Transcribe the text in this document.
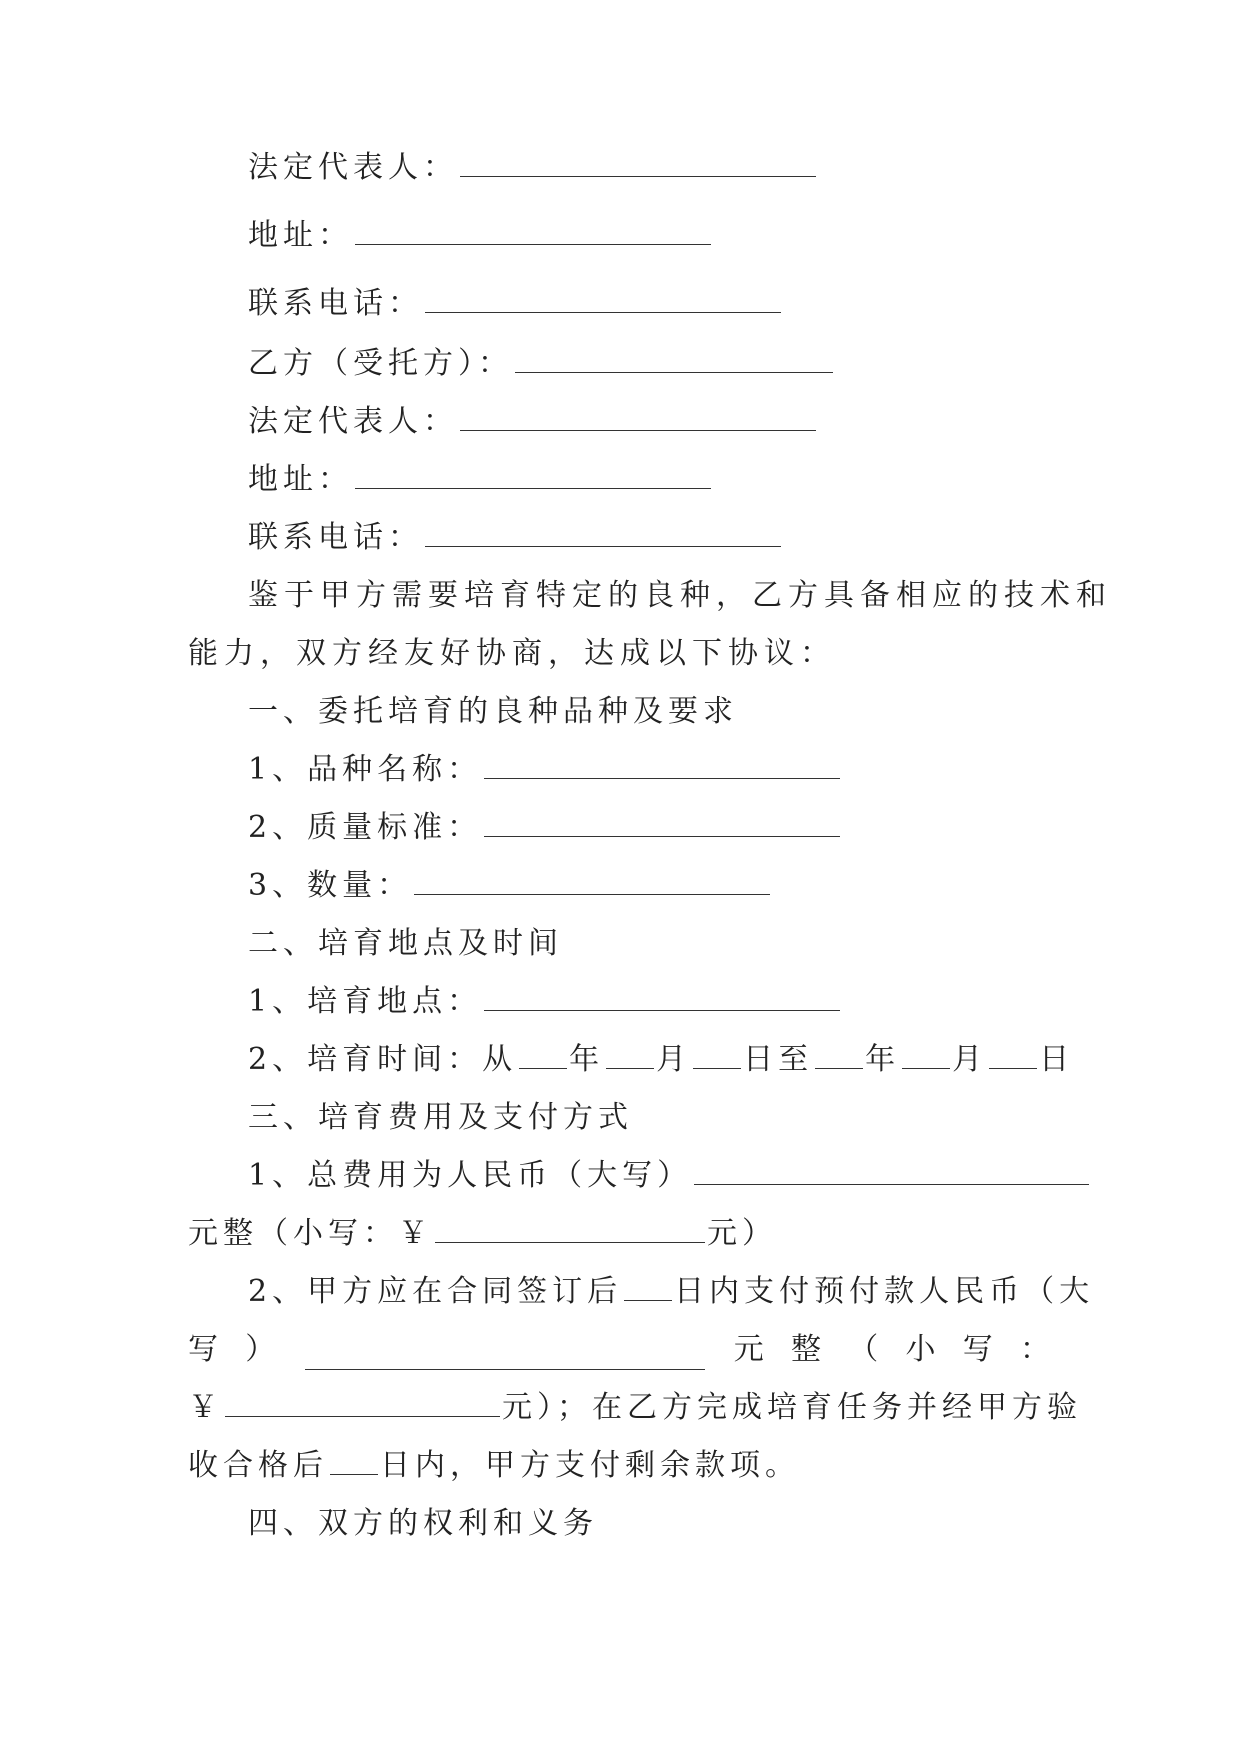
法定代表人：
地址：
联系电话：
乙方（受托方）：
法定代表人：
地址：
联系电话：
鉴于甲方需要培育特定的良种，乙方具备相应的技术和
能力，双方经友好协商，达成以下协议：
一、委托培育的良种品种及要求
1、品种名称：
2、质量标准：
3、数量：
二、培育地点及时间
1、培育地点：
2、培育时间：从 年 月 日至 年 月 日
三、培育费用及支付方式
1、总费用为人民币（大写）
元整（小写：￥	元）
2、甲方应在合同签订后 日内支付预付款人民币（大
写 ）	元 整 （ 小 写 ：
￥	元）；在乙方完成培育任务并经甲方验
收合格后 日内，甲方支付剩余款项。
四、双方的权利和义务
